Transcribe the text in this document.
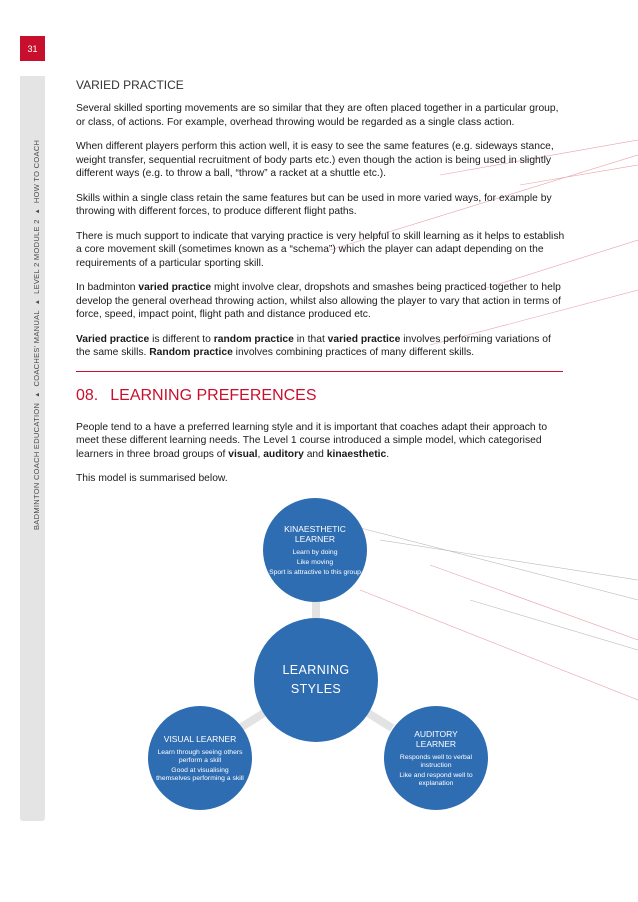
31
BADMINTON COACH EDUCATION▲COACHES' MANUAL▲LEVEL 2 MODULE 2▲HOW TO COACH
VARIED PRACTICE

Several skilled sporting movements are so similar that they are often placed together in a particular group, or class, of actions. For example, overhead throwing would be regarded as a single class action.

When different players perform this action well, it is easy to see the same features (e.g. sideways stance, weight transfer, sequential recruitment of body parts etc.) even though the action is being used in slightly different ways (e.g. to throw a ball, “throw” a racket at a shuttle etc.).

Skills within a single class retain the same features but can be used in more varied ways, for example by throwing with different forces, to produce different flight paths.

There is much support to indicate that varying practice is very helpful to skill learning as it helps to establish a core movement skill (sometimes known as a “schema”) which the player can adapt depending on the requirements of a particular sporting skill.

In badminton varied practice might involve clear, dropshots and smashes being practiced together to help develop the general overhead throwing action, whilst also allowing the player to vary that action in terms of force, speed, impact point, flight path and distance produced etc.

Varied practice is different to random practice in that varied practice involves performing variations of the same skills. Random practice involves combining practices of many different skills.

08. LEARNING PREFERENCES

People tend to a have a preferred learning style and it is important that coaches adapt their approach to meet these different learning needs. The Level 1 course introduced a simple model, which categorised learners in three broad groups of visual, auditory and kinaesthetic.

This model is summarised below.

LEARNING
STYLES
KINAESTHETIC
LEARNER
Learn by doing
Like moving
Sport is attractive to this group
VISUAL LEARNER
Learn through seeing others perform a skill
Good at visualising themselves performing a skill
AUDITORY
LEARNER
Responds well to verbal instruction
Like and respond well to explanation
